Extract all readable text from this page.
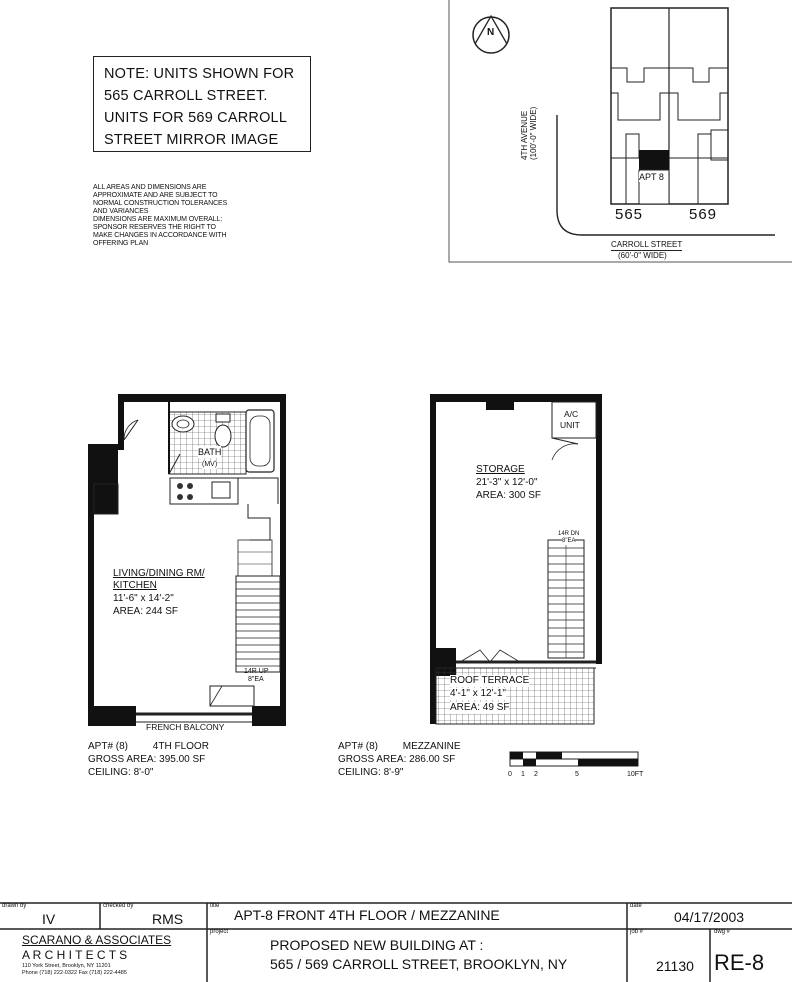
NOTE: UNITS SHOWN FOR
565 CARROLL STREET.
UNITS FOR 569 CARROLL
STREET MIRROR IMAGE
ALL AREAS AND DIMENSIONS ARE
APPROXIMATE AND ARE SUBJECT TO
NORMAL CONSTRUCTION TOLERANCES
AND VARIANCES
DIMENSIONS ARE MAXIMUM OVERALL:
SPONSOR RESERVES THE RIGHT TO
MAKE CHANGES IN ACCORDANCE WITH
OFFERING PLAN
N
4TH AVENUE (100'-0" WIDE)
APT 8
565	569
CARROLL STREET
(60'-0" WIDE)
BATH
(MV)
LC.
LIVING/DINING RM/
KITCHEN
11'-6" x 14'-2"
AREA: 244 SF
14R UP
8"EA
FRENCH BALCONY
APT# (8) 4TH FLOOR
GROSS AREA: 395.00 SF
CEILING: 8'-0"
A/C
UNIT
STORAGE
21'-3" x 12'-0"
AREA: 300 SF
14R DN
8"EA
ROOF TERRACE
4'-1" x 12'-1"
AREA: 49 SF
APT# (8) MEZZANINE
GROSS AREA: 286.00 SF
CEILING: 8'-9"	0 1 2	5	10FT
drawn by
IV
checked by
RMS
title
APT-8 FRONT 4TH FLOOR / MEZZANINE
date
04/17/2003
SCARANO & ASSOCIATES
A R C H I T E C T S
110 York Street, Brooklyn, NY 11201
Phone (718) 222-0322 Fax (718) 222-4485
project
PROPOSED NEW BUILDING AT :
565 / 569 CARROLL STREET, BROOKLYN, NY
job #
21130
dwg #
RE-8
